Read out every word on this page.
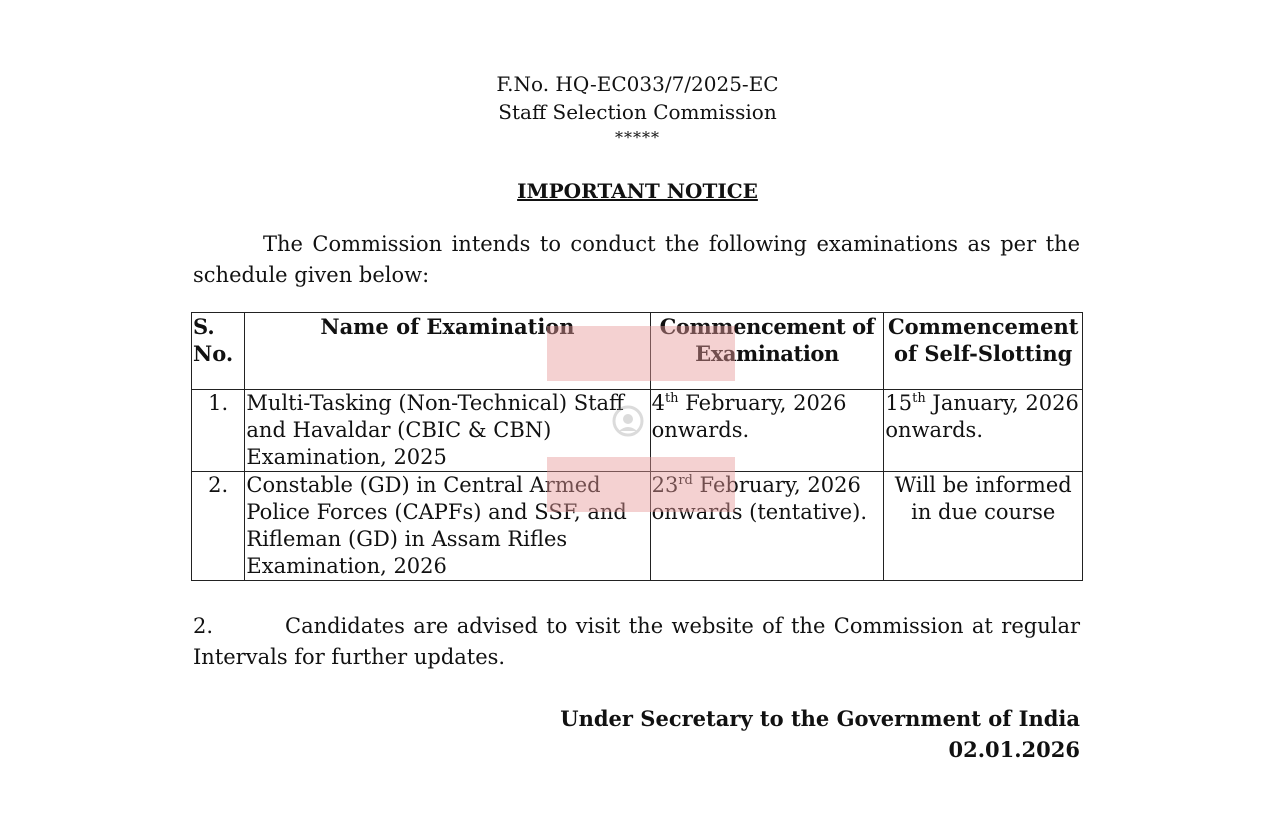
F.No. HQ-EC033/7/2025-EC
Staff Selection Commission
*****
IMPORTANT NOTICE
The Commission intends to conduct the following examinations as per the schedule given below:
S. No.	Name of Examination	Commencement of Examination	Commencement of Self-Slotting
1.	Multi-Tasking (Non-Technical) Staff and Havaldar (CBIC & CBN) Examination, 2025	4th February, 2026 onwards.	15th January, 2026 onwards.
2.	Constable (GD) in Central Armed Police Forces (CAPFs) and SSF, and Rifleman (GD) in Assam Rifles Examination, 2026	23rd February, 2026 onwards (tentative).	Will be informed in due course
2.	Candidates are advised to visit the website of the Commission at regular Intervals for further updates.
Under Secretary to the Government of India
02.01.2026
